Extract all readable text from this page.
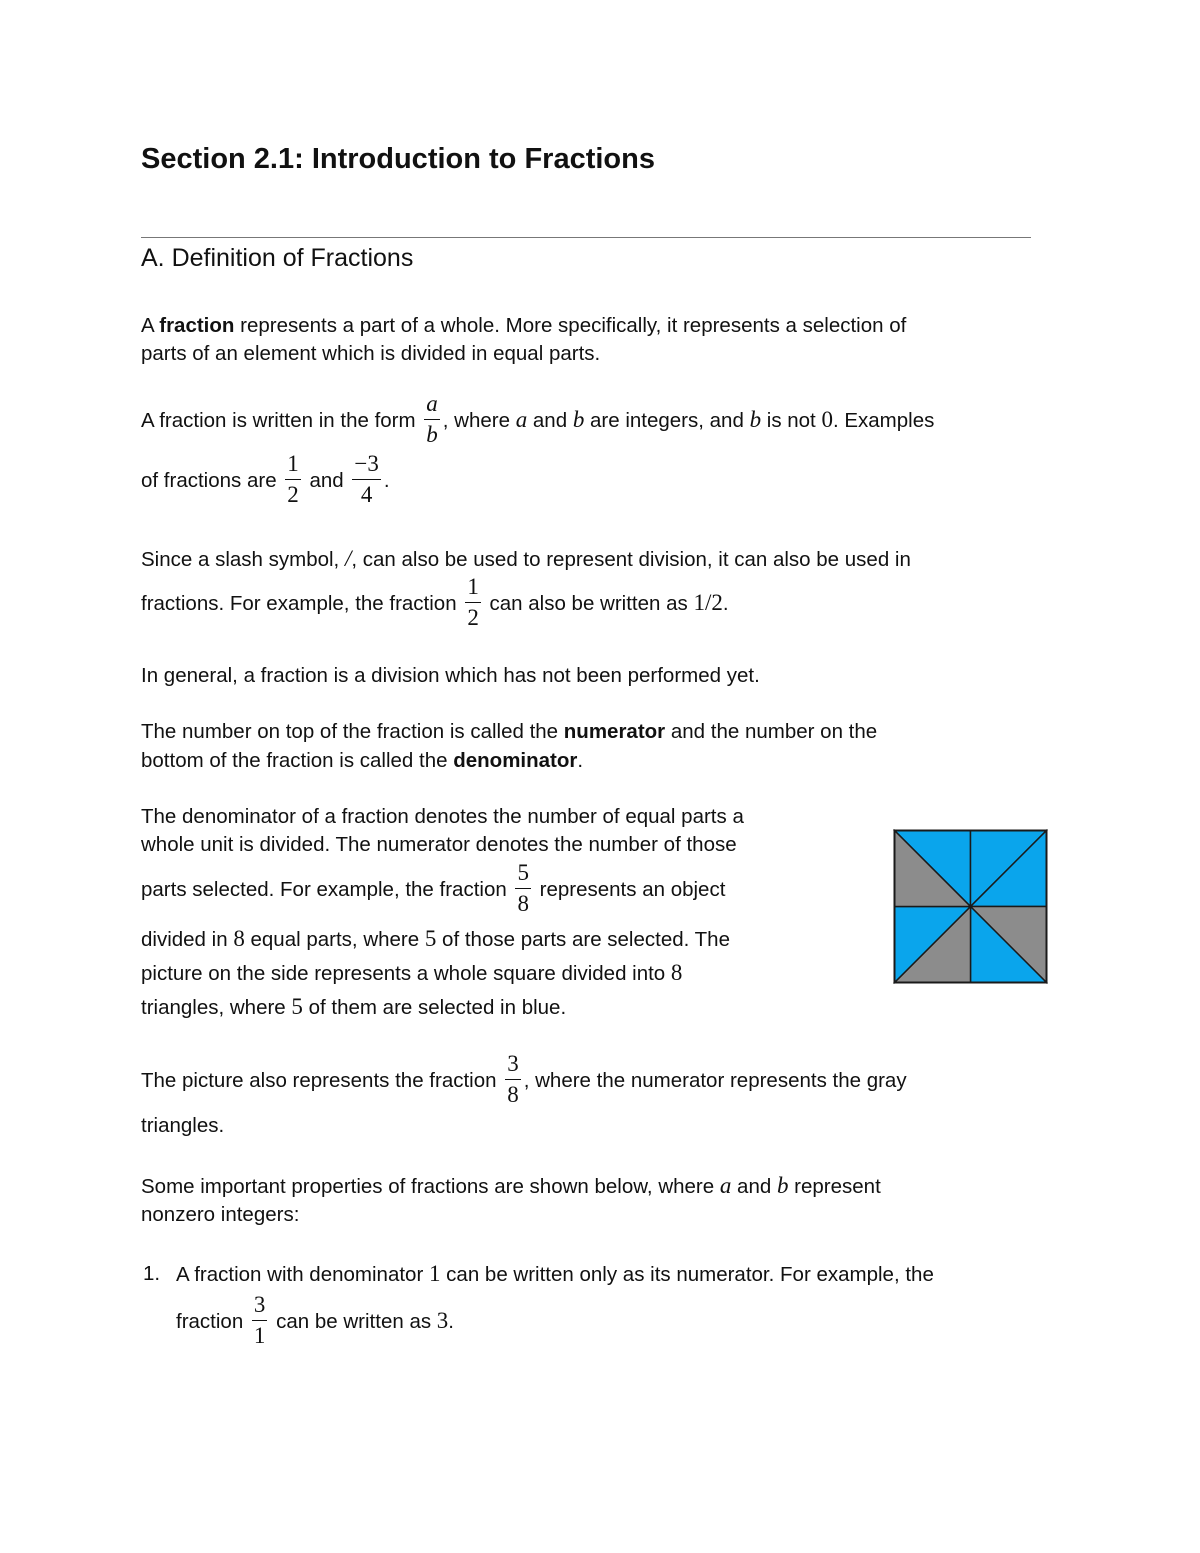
Section 2.1: Introduction to Fractions
A. Definition of Fractions
A fraction represents a part of a whole. More specifically, it represents a selection of
parts of an element which is divided in equal parts.
A fraction is written in the form $\frac{a}{b}$ , where a and b are integers, and b is not 0. Examples
of fractions are $\frac{1}{2}$ and $\frac{-3}{4}$ .
Since a slash symbol, /, can also be used to represent division, it can also be used in
fractions. For example, the fraction $\frac{1}{2}$ can also be written as 1/2.
In general, a fraction is a division which has not been performed yet.
The number on top of the fraction is called the numerator and the number on the
bottom of the fraction is called the denominator.
The denominator of a fraction denotes the number of equal parts a
whole unit is divided. The numerator denotes the number of those
parts selected. For example, the fraction $\frac{5}{8}$ represents an object
divided in 8 equal parts, where 5 of those parts are selected. The
picture on the side represents a whole square divided into 8
triangles, where 5 of them are selected in blue.
The picture also represents the fraction $\frac{3}{8}$ , where the numerator represents the gray
triangles.
Some important properties of fractions are shown below, where a and b represent
nonzero integers:
1. A fraction with denominator 1 can be written only as its numerator. For example, the
fraction $\frac{3}{1}$ can be written as 3.
